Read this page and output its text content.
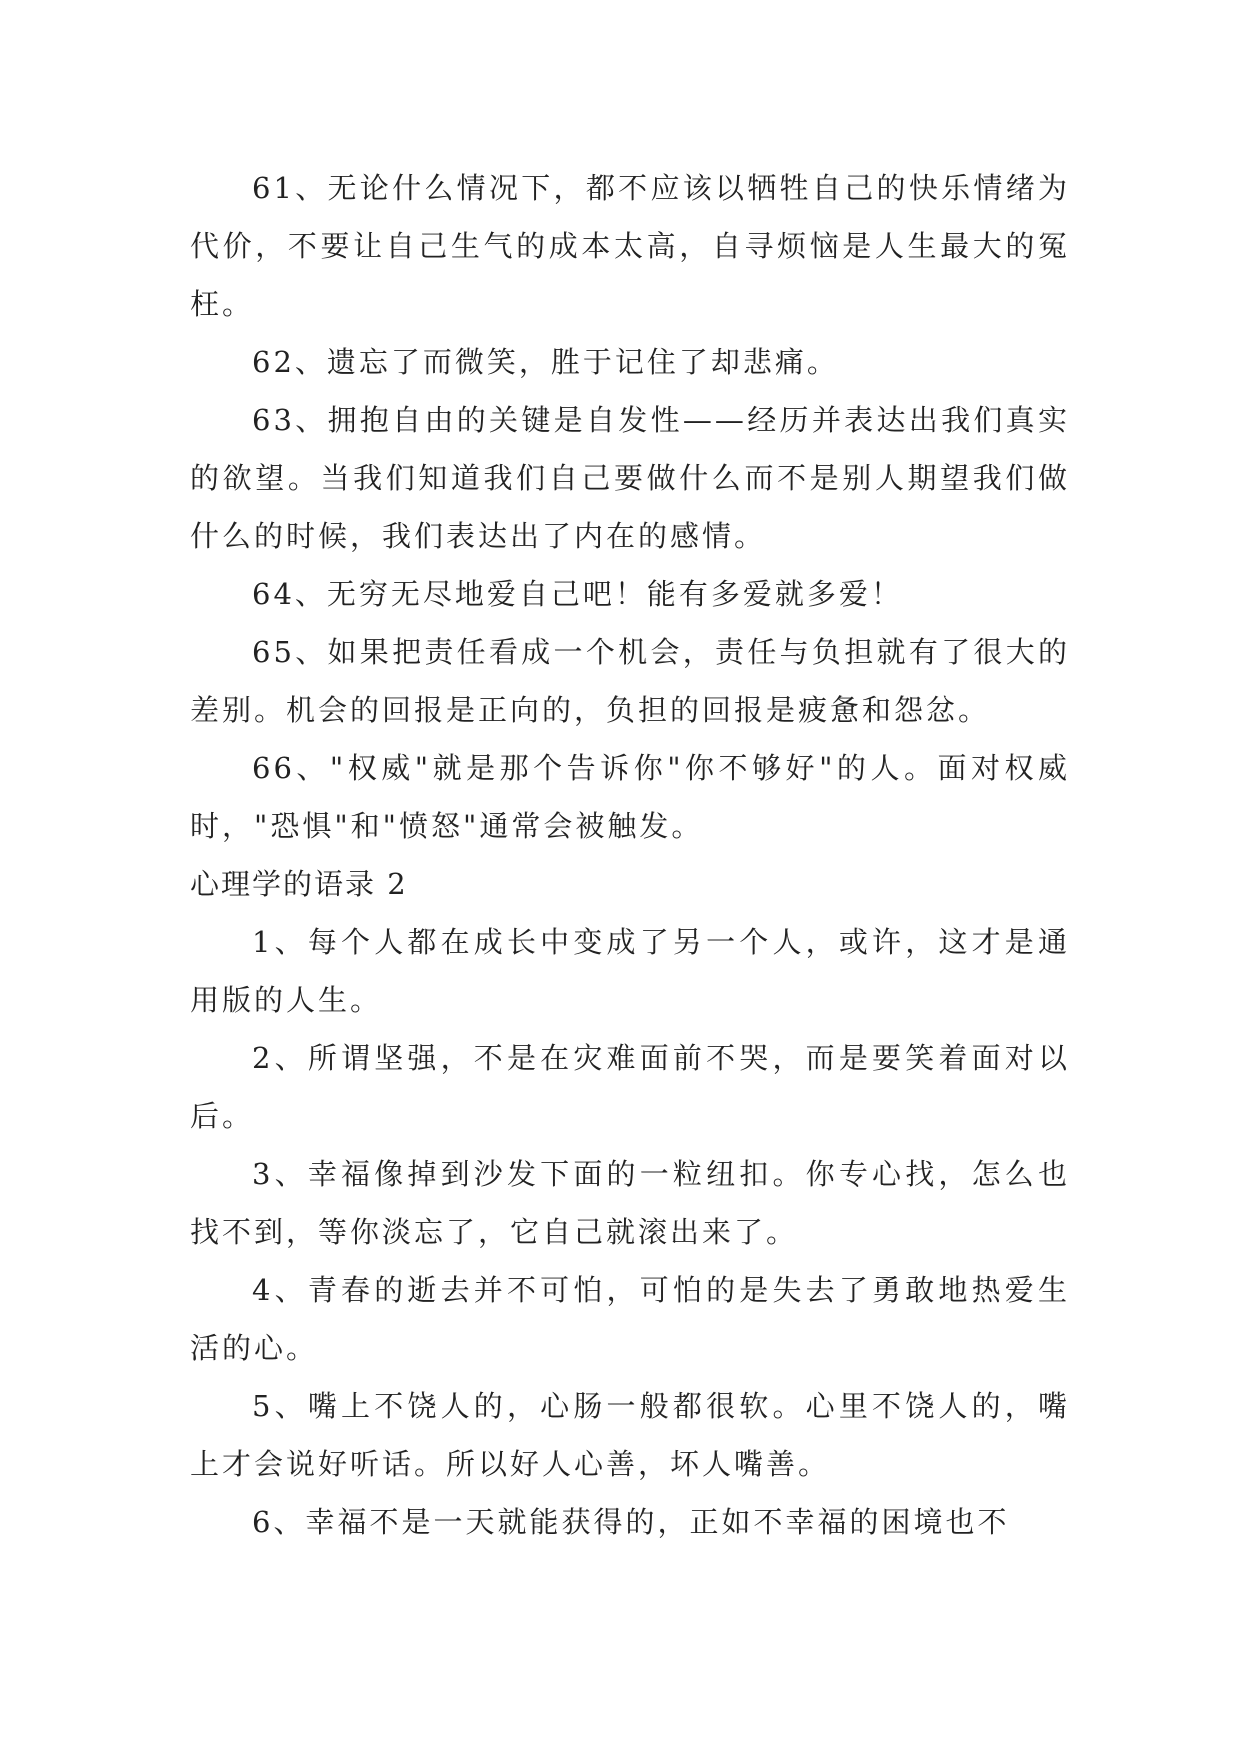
61、无论什么情况下，都不应该以牺牲自己的快乐情绪为代价，不要让自己生气的成本太高，自寻烦恼是人生最大的冤枉。

62、遗忘了而微笑，胜于记住了却悲痛。

63、拥抱自由的关键是自发性——经历并表达出我们真实的欲望。当我们知道我们自己要做什么而不是别人期望我们做什么的时候，我们表达出了内在的感情。

64、无穷无尽地爱自己吧！能有多爱就多爱！

65、如果把责任看成一个机会，责任与负担就有了很大的差别。机会的回报是正向的，负担的回报是疲惫和怨忿。

66、"权威"就是那个告诉你"你不够好"的人。面对权威时，"恐惧"和"愤怒"通常会被触发。

心理学的语录 2

1、每个人都在成长中变成了另一个人，或许，这才是通用版的人生。

2、所谓坚强，不是在灾难面前不哭，而是要笑着面对以后。

3、幸福像掉到沙发下面的一粒纽扣。你专心找，怎么也找不到，等你淡忘了，它自己就滚出来了。

4、青春的逝去并不可怕，可怕的是失去了勇敢地热爱生活的心。

5、嘴上不饶人的，心肠一般都很软。心里不饶人的，嘴上才会说好听话。所以好人心善，坏人嘴善。

6、幸福不是一天就能获得的，正如不幸福的困境也不
